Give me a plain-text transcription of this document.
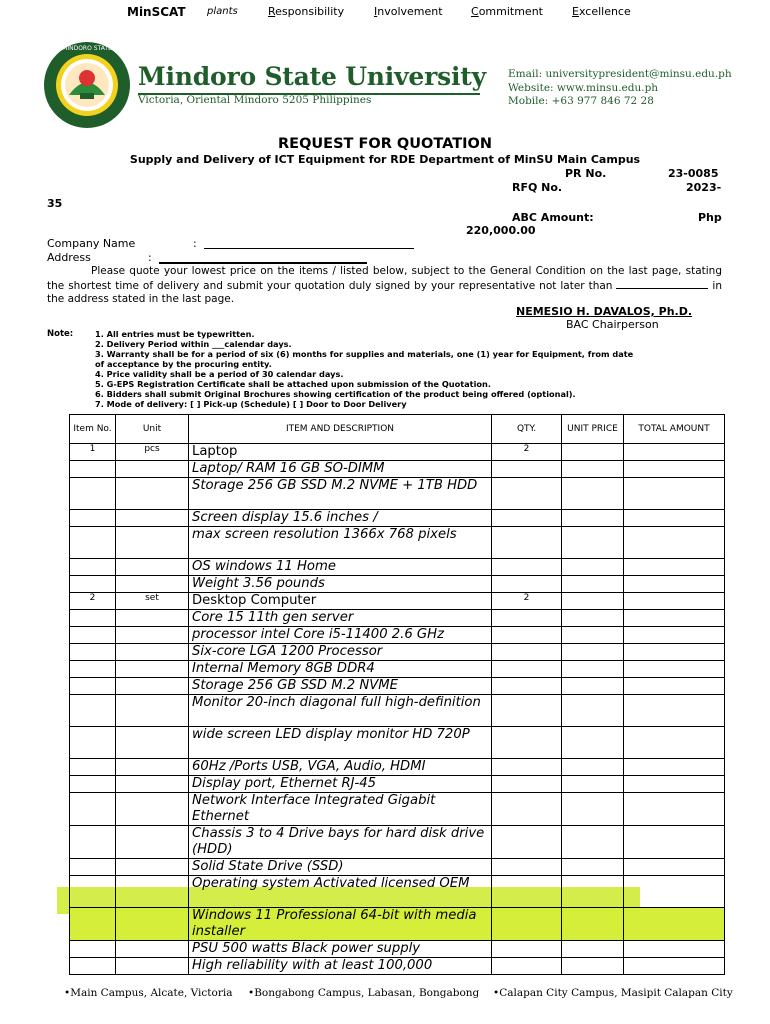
MinSCAT plants	Responsibility	Involvement	Commitment	Excellence
MINDORO STATE
Mindoro State University
Victoria, Oriental Mindoro 5205 Philippines
Email: universitypresident@minsu.edu.ph
Website: www.minsu.edu.ph
Mobile: +63 977 846 72 28
REQUEST FOR QUOTATION
Supply and Delivery of ICT Equipment for RDE Department of MinSU Main Campus
PR No.	23-0085
RFQ No.	2023-
35
ABC Amount:	Php
220,000.00
Company Name	:
Address	:
Please quote your lowest price on the items / listed below, subject to the General Condition on the last page, stating the shortest time of delivery and submit your quotation duly signed by your representative not later than	in the address stated in the last page.
NEMESIO H. DAVALOS, Ph.D.
BAC Chairperson
Note:	1. All entries must be typewritten.
2. Delivery Period within ___calendar days.
3. Warranty shall be for a period of six (6) months for supplies and materials, one (1) year for Equipment, from date
of acceptance by the procuring entity.
4. Price validity shall be a period of 30 calendar days.
5. G-EPS Registration Certificate shall be attached upon submission of the Quotation.
6. Bidders shall submit Original Brochures showing certification of the product being offered (optional).
7. Mode of delivery: [ ] Pick-up (Schedule) [ ] Door to Door Delivery
Item No.	Unit	ITEM AND DESCRIPTION	QTY.	UNIT PRICE	TOTAL AMOUNT
1	pcs	Laptop	2		
		Laptop/ RAM 16 GB SO-DIMM			
		Storage 256 GB SSD M.2 NVME + 1TB HDD			
		Screen display 15.6 inches /			
		max screen resolution 1366x 768 pixels			
		OS windows 11 Home			
		Weight 3.56 pounds			
2	set	Desktop Computer	2		
		Core 15 11th gen server			
		processor intel Core i5-11400 2.6 GHz			
		Six-core LGA 1200 Processor			
		Internal Memory 8GB DDR4			
		Storage 256 GB SSD M.2 NVME			
		Monitor 20-inch diagonal full high-definition			
		wide screen LED display monitor HD 720P			
		60Hz /Ports USB, VGA, Audio, HDMI			
		Display port, Ethernet RJ-45			
		Network Interface Integrated Gigabit Ethernet			
		Chassis 3 to 4 Drive bays for hard disk drive (HDD)			
		Solid State Drive (SSD)			
		Operating system Activated licensed OEM			
		Windows 11 Professional 64-bit with media installer			
		PSU 500 watts Black power supply			
		High reliability with at least 100,000			
•Main Campus, Alcate, Victoria •Bongabong Campus, Labasan, Bongabong •Calapan City Campus, Masipit Calapan City
